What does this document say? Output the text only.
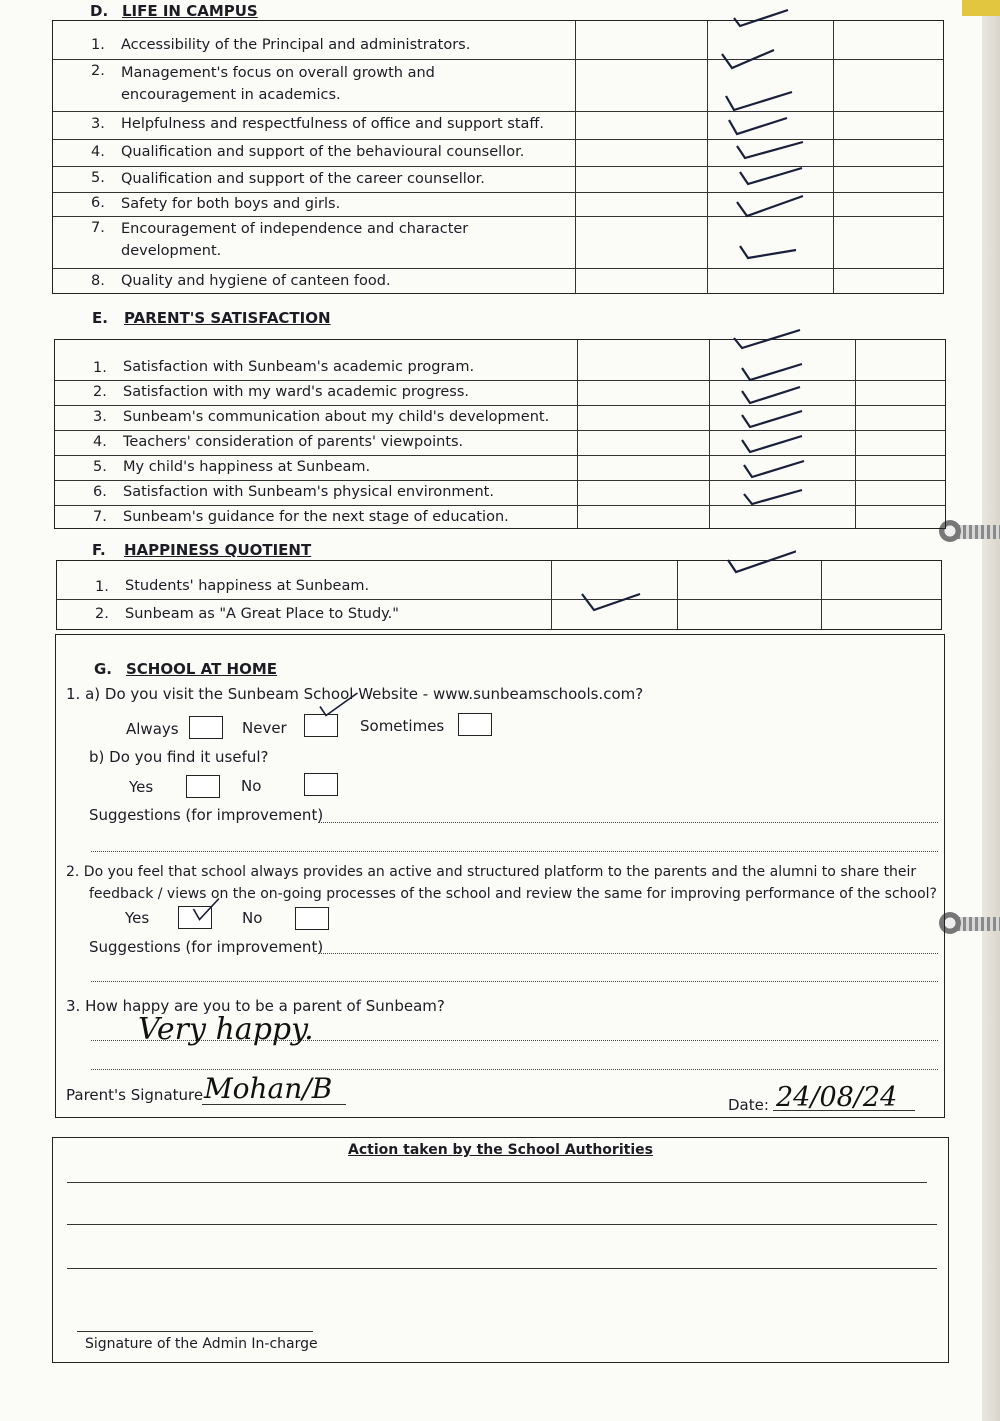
D. LIFE IN CAMPUS
1. Accessibility of the Principal and administrators.
2. Management's focus on overall growth and encouragement in academics.
3. Helpfulness and respectfulness of office and support staff.
4. Qualification and support of the behavioural counsellor.
5. Qualification and support of the career counsellor.
6. Safety for both boys and girls.
7. Encouragement of independence and character development.
8. Quality and hygiene of canteen food.
E. PARENT'S SATISFACTION
1. Satisfaction with Sunbeam's academic program.
2. Satisfaction with my ward's academic progress.
3. Sunbeam's communication about my child's development.
4. Teachers' consideration of parents' viewpoints.
5. My child's happiness at Sunbeam.
6. Satisfaction with Sunbeam's physical environment.
7. Sunbeam's guidance for the next stage of education.
F. HAPPINESS QUOTIENT
1. Students' happiness at Sunbeam.
2. Sunbeam as "A Great Place to Study."
G. SCHOOL AT HOME
1. a) Do you visit the Sunbeam School Website - www.sunbeamschools.com?
Always	Never	Sometimes
b) Do you find it useful?
Yes	No
Suggestions (for improvement)
2. Do you feel that school always provides an active and structured platform to the parents and the alumni to share their
feedback / views on the on-going processes of the school and review the same for improving performance of the school?
Yes	No
Suggestions (for improvement)
3. How happy are you to be a parent of Sunbeam?
Very happy.
Parent's Signature Mohan/B	Date: 24/08/24
Action taken by the School Authorities
Signature of the Admin In-charge
